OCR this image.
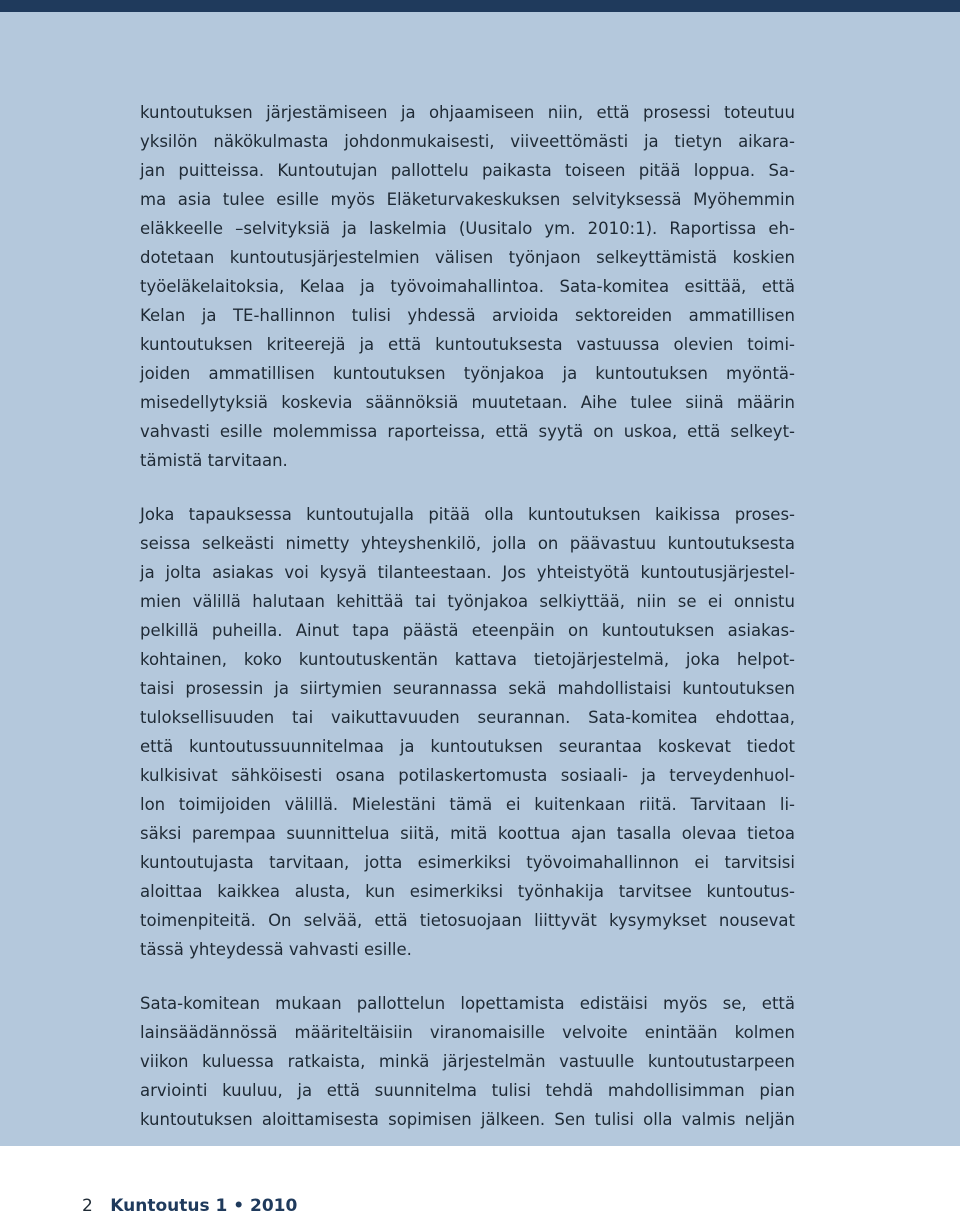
kuntoutuksen järjestämiseen ja ohjaamiseen niin, että prosessi toteutuu
yksilön näkökulmasta johdonmukaisesti, viiveettömästi ja tietyn aikara-
jan puitteissa. Kuntoutujan pallottelu paikasta toiseen pitää loppua. Sa-
ma asia tulee esille myös Eläketurvakeskuksen selvityksessä Myöhemmin
eläkkeelle –selvityksiä ja laskelmia (Uusitalo ym. 2010:1). Raportissa eh-
dotetaan kuntoutusjärjestelmien välisen työnjaon selkeyttämistä koskien
työeläkelaitoksia, Kelaa ja työvoimahallintoa. Sata-komitea esittää, että
Kelan ja TE-hallinnon tulisi yhdessä arvioida sektoreiden ammatillisen
kuntoutuksen kriteerejä ja että kuntoutuksesta vastuussa olevien toimi-
joiden ammatillisen kuntoutuksen työnjakoa ja kuntoutuksen myöntä-
misedellytyksiä koskevia säännöksiä muutetaan. Aihe tulee siinä määrin
vahvasti esille molemmissa raporteissa, että syytä on uskoa, että selkeyt-
tämistä tarvitaan.
Joka tapauksessa kuntoutujalla pitää olla kuntoutuksen kaikissa proses-
seissa selkeästi nimetty yhteyshenkilö, jolla on päävastuu kuntoutuksesta
ja jolta asiakas voi kysyä tilanteestaan. Jos yhteistyötä kuntoutusjärjestel-
mien välillä halutaan kehittää tai työnjakoa selkiyttää, niin se ei onnistu
pelkillä puheilla. Ainut tapa päästä eteenpäin on kuntoutuksen asiakas-
kohtainen, koko kuntoutuskentän kattava tietojärjestelmä, joka helpot-
taisi prosessin ja siirtymien seurannassa sekä mahdollistaisi kuntoutuksen
tuloksellisuuden tai vaikuttavuuden seurannan. Sata-komitea ehdottaa,
että kuntoutussuunnitelmaa ja kuntoutuksen seurantaa koskevat tiedot
kulkisivat sähköisesti osana potilaskertomusta sosiaali- ja terveydenhuol-
lon toimijoiden välillä. Mielestäni tämä ei kuitenkaan riitä. Tarvitaan li-
säksi parempaa suunnittelua siitä, mitä koottua ajan tasalla olevaa tietoa
kuntoutujasta tarvitaan, jotta esimerkiksi työvoimahallinnon ei tarvitsisi
aloittaa kaikkea alusta, kun esimerkiksi työnhakija tarvitsee kuntoutus-
toimenpiteitä. On selvää, että tietosuojaan liittyvät kysymykset nousevat
tässä yhteydessä vahvasti esille.
Sata-komitean mukaan pallottelun lopettamista edistäisi myös se, että
lainsäädännössä määriteltäisiin viranomaisille velvoite enintään kolmen
viikon kuluessa ratkaista, minkä järjestelmän vastuulle kuntoutustarpeen
arviointi kuuluu, ja että suunnitelma tulisi tehdä mahdollisimman pian
kuntoutuksen aloittamisesta sopimisen jälkeen. Sen tulisi olla valmis neljän
2 Kuntoutus 1 • 2010
